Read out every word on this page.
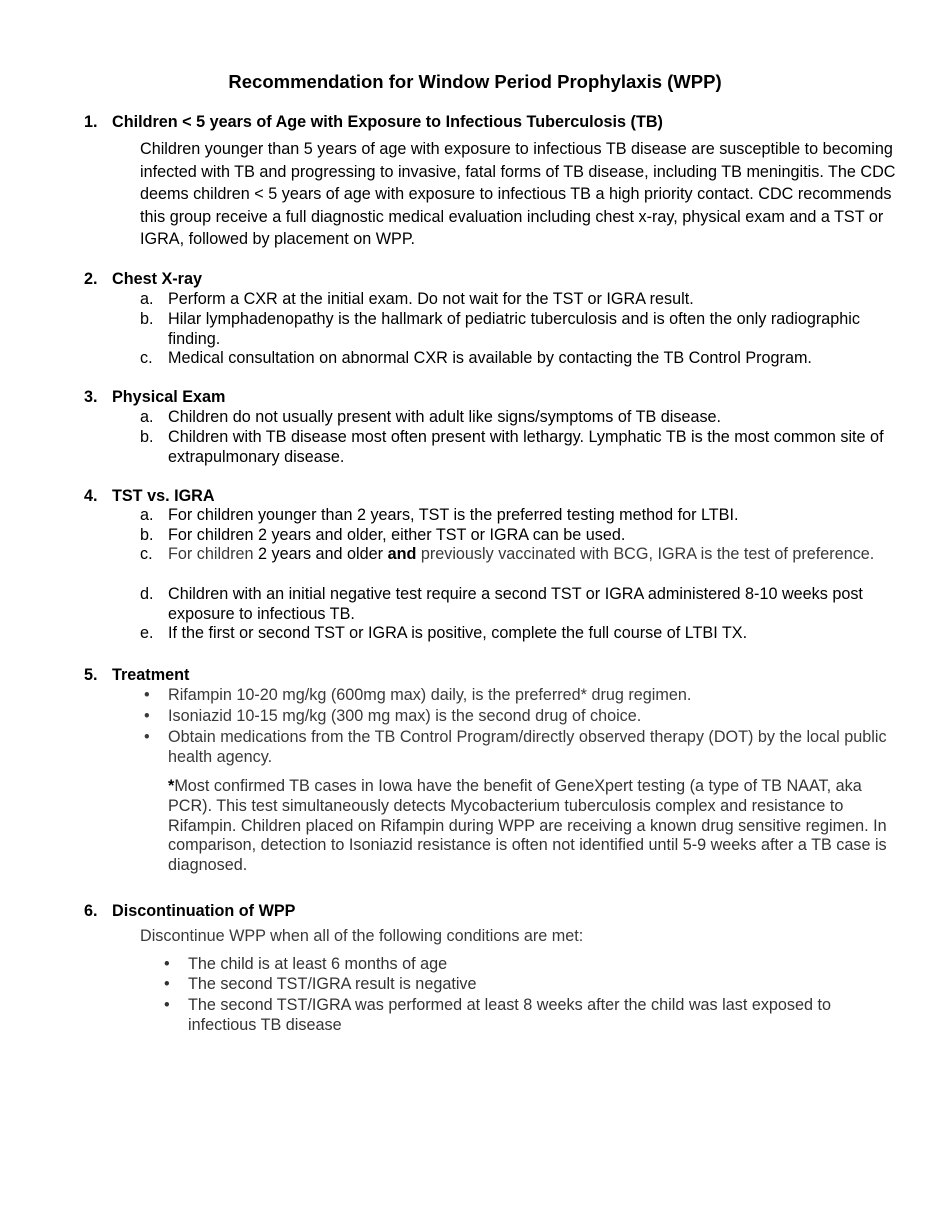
Recommendation for Window Period Prophylaxis (WPP)
1. Children < 5 years of Age with Exposure to Infectious Tuberculosis (TB)
Children younger than 5 years of age with exposure to infectious TB disease are susceptible to becoming infected with TB and progressing to invasive, fatal forms of TB disease, including TB meningitis. The CDC deems children < 5 years of age with exposure to infectious TB a high priority contact. CDC recommends this group receive a full diagnostic medical evaluation including chest x-ray, physical exam and a TST or IGRA, followed by placement on WPP.
2. Chest X-ray
a. Perform a CXR at the initial exam. Do not wait for the TST or IGRA result.
b. Hilar lymphadenopathy is the hallmark of pediatric tuberculosis and is often the only radiographic finding.
c. Medical consultation on abnormal CXR is available by contacting the TB Control Program.
3. Physical Exam
a. Children do not usually present with adult like signs/symptoms of TB disease.
b. Children with TB disease most often present with lethargy. Lymphatic TB is the most common site of extrapulmonary disease.
4. TST vs. IGRA
a. For children younger than 2 years, TST is the preferred testing method for LTBI.
b. For children 2 years and older, either TST or IGRA can be used.
c. For children 2 years and older and previously vaccinated with BCG, IGRA is the test of preference.
d. Children with an initial negative test require a second TST or IGRA administered 8-10 weeks post exposure to infectious TB.
e. If the first or second TST or IGRA is positive, complete the full course of LTBI TX.
5. Treatment
• Rifampin 10-20 mg/kg (600mg max) daily, is the preferred* drug regimen.
• Isoniazid 10-15 mg/kg (300 mg max) is the second drug of choice.
• Obtain medications from the TB Control Program/directly observed therapy (DOT) by the local public health agency.
*Most confirmed TB cases in Iowa have the benefit of GeneXpert testing (a type of TB NAAT, aka PCR). This test simultaneously detects Mycobacterium tuberculosis complex and resistance to Rifampin. Children placed on Rifampin during WPP are receiving a known drug sensitive regimen. In comparison, detection to Isoniazid resistance is often not identified until 5-9 weeks after a TB case is diagnosed.
6. Discontinuation of WPP
Discontinue WPP when all of the following conditions are met:
• The child is at least 6 months of age
• The second TST/IGRA result is negative
• The second TST/IGRA was performed at least 8 weeks after the child was last exposed to infectious TB disease
